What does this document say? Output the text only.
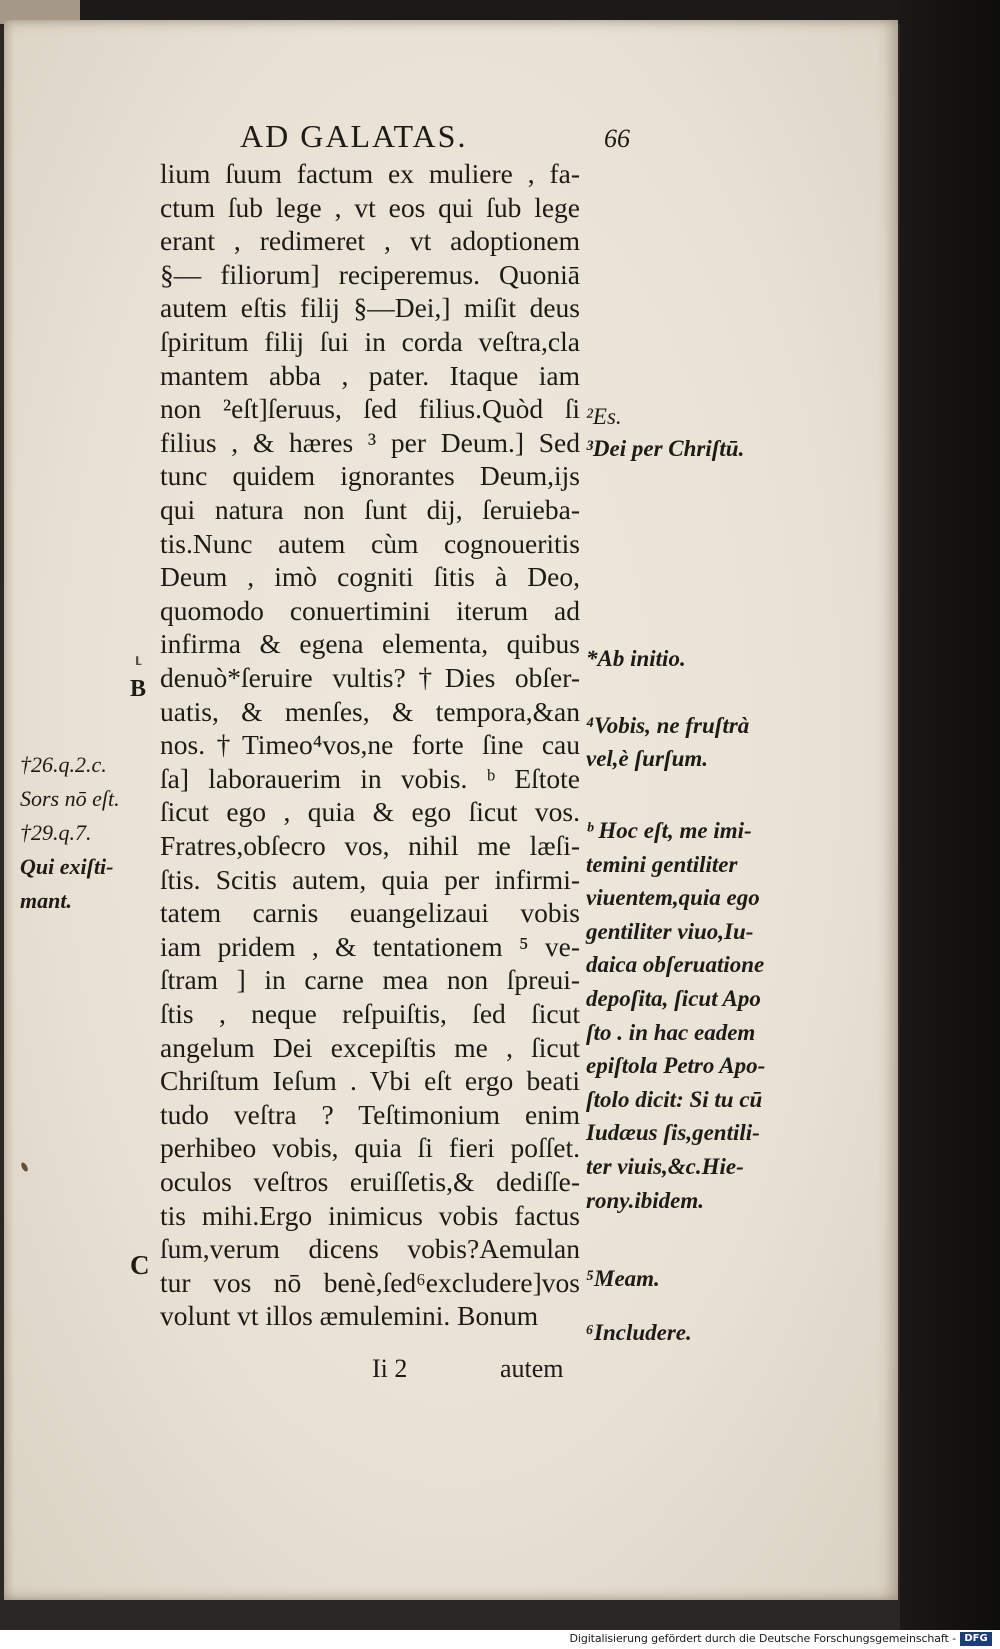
AD GALATAS.	66
lium ſuum factum ex muliere , fa-
ctum ſub lege , vt eos qui ſub lege
erant , redimeret , vt adoptionem
§— filiorum] reciperemus. Quoniā
autem eſtis filij §—Dei,] miſit deus
ſpiritum filij ſui in corda veſtra,cla
mantem abba , pater. Itaque iam
non ²eſt]ſeruus, ſed filius.Quòd ſi
filius , & hæres ³ per Deum.] Sed
tunc quidem ignorantes Deum,ijs
qui natura non ſunt dij, ſeruieba-
tis.Nunc autem cùm cognoueritis
Deum , imò cogniti ſitis à Deo,
quomodo conuertimini iterum ad
infirma & egena elementa, quibus
denuò*ſeruire vultis?†Dies obſer-
uatis, & menſes, & tempora,&an
nos.†Timeo⁴vos,ne forte ſine cau
ſa] laborauerim in vobis. ᵇ Eſtote
ſicut ego , quia & ego ſicut vos.
Fratres,obſecro vos, nihil me læſi-
ſtis. Scitis autem, quia per infirmi-
tatem carnis euangelizaui vobis
iam pridem , & tentationem ⁵ ve-
ſtram ] in carne mea non ſpreui-
ſtis , neque reſpuiſtis, ſed ſicut
angelum Dei excepiſtis me , ſicut
Chriſtum Ieſum . Vbi eſt ergo beati
tudo veſtra ? Teſtimonium enim
perhibeo vobis, quia ſi fieri poſſet.
oculos veſtros eruiſſetis,& dediſſe-
tis mihi.Ergo inimicus vobis factus
ſum,verum dicens vobis?Aemulan
tur vos nō benè,ſed⁶excludere]vos
volunt vt illos æmulemini. Bonum
⸤
B
C
†26.q.2.c.
Sors nō eſt.
†29.q.7.
Qui exiſti-
mant.
²Es.
³Dei per Chriſtū.
*Ab initio.
⁴Vobis, ne fruſtrà
vel,è ſurſum.
ᵇ Hoc eſt, me imi-
temini gentiliter
viuentem,quia ego
gentiliter viuo,Iu-
daica obſeruatione
depoſita, ſicut Apo
ſto . in hac eadem
epiſtola Petro Apo-
ſtolo dicit: Si tu cū
Iudæus ſis,gentili-
ter viuis,&c.Hie-
rony.ibidem.
⁵Meam.
⁶Includere.
Ii 2	autem
Digitalisierung gefördert durch die Deutsche Forschungsgemeinschaft - DFG
